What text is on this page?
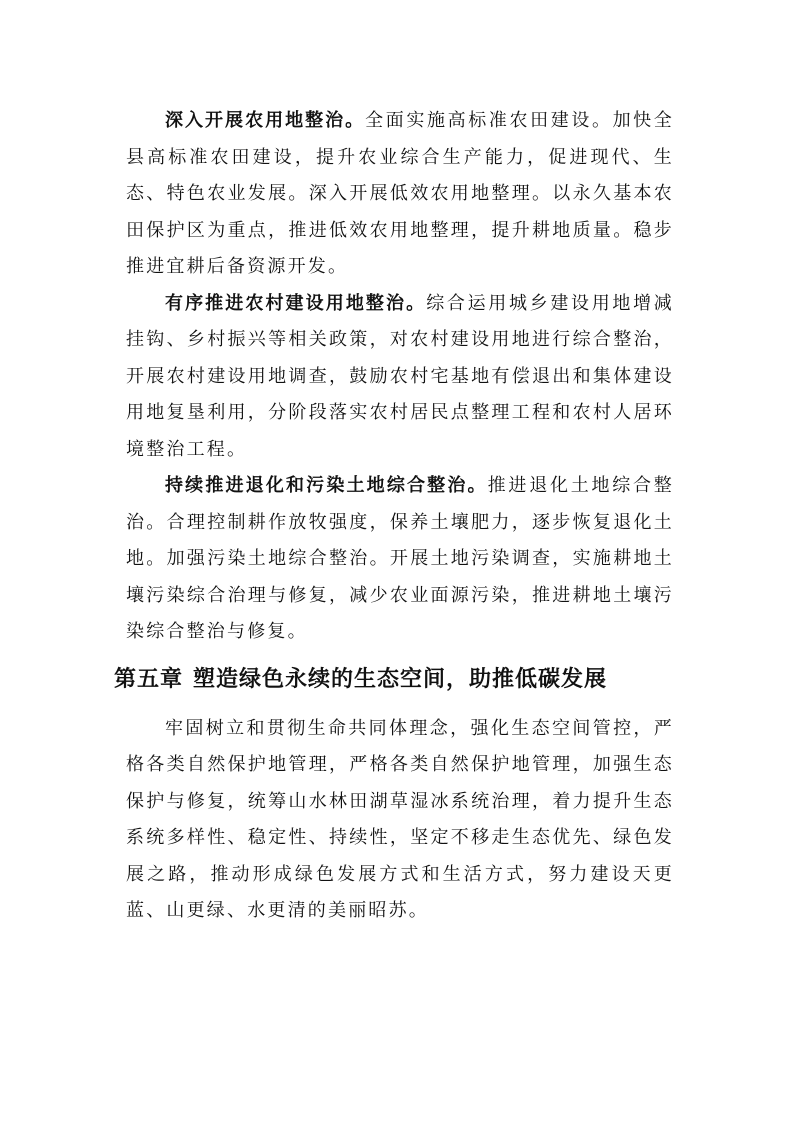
深入开展农用地整治。全面实施高标准农田建设。加快全县高标准农田建设，提升农业综合生产能力，促进现代、生态、特色农业发展。深入开展低效农用地整理。以永久基本农田保护区为重点，推进低效农用地整理，提升耕地质量。稳步推进宜耕后备资源开发。

有序推进农村建设用地整治。综合运用城乡建设用地增减挂钩、乡村振兴等相关政策，对农村建设用地进行综合整治，开展农村建设用地调查，鼓励农村宅基地有偿退出和集体建设用地复垦利用，分阶段落实农村居民点整理工程和农村人居环境整治工程。

持续推进退化和污染土地综合整治。推进退化土地综合整治。合理控制耕作放牧强度，保养土壤肥力，逐步恢复退化土地。加强污染土地综合整治。开展土地污染调查，实施耕地土壤污染综合治理与修复，减少农业面源污染，推进耕地土壤污染综合整治与修复。

第五章 塑造绿色永续的生态空间，助推低碳发展

牢固树立和贯彻生命共同体理念，强化生态空间管控，严格各类自然保护地管理，严格各类自然保护地管理，加强生态保护与修复，统筹山水林田湖草湿冰系统治理，着力提升生态系统多样性、稳定性、持续性，坚定不移走生态优先、绿色发展之路，推动形成绿色发展方式和生活方式，努力建设天更蓝、山更绿、水更清的美丽昭苏。
